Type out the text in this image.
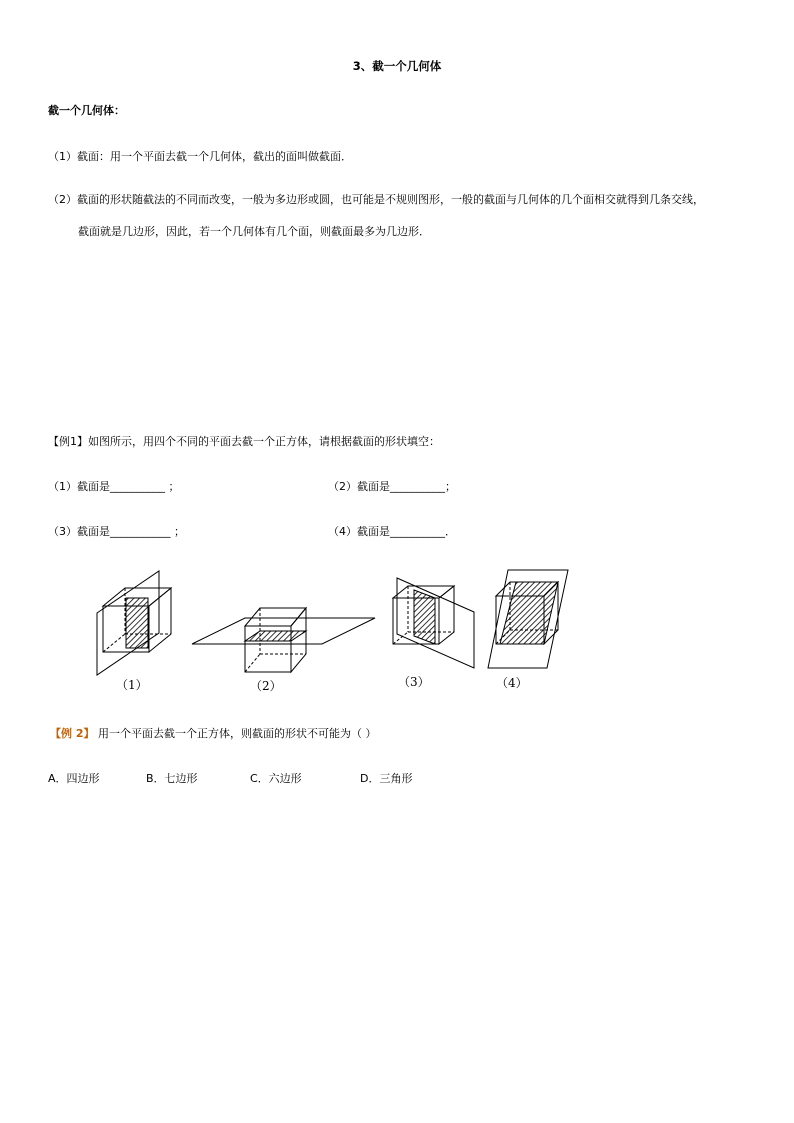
3、截一个几何体
截一个几何体：
（1）截面：用一个平面去截一个几何体，截出的面叫做截面．
（2）截面的形状随截法的不同而改变，一般为多边形或圆，也可能是不规则图形，一般的截面与几何体的几个面相交就得到几条交线，
截面就是几边形，因此，若一个几何体有几个面，则截面最多为几边形．
【例1】如图所示，用四个不同的平面去截一个正方体，请根据截面的形状填空：
（1）截面是__________ ；	（2）截面是__________；
（3）截面是___________ ；	（4）截面是__________．
（1）	（2）	（3）	（4）
【例 2】 用一个平面去截一个正方体，则截面的形状不可能为（ ）
A．四边形	B．七边形	C．六边形	D．三角形
